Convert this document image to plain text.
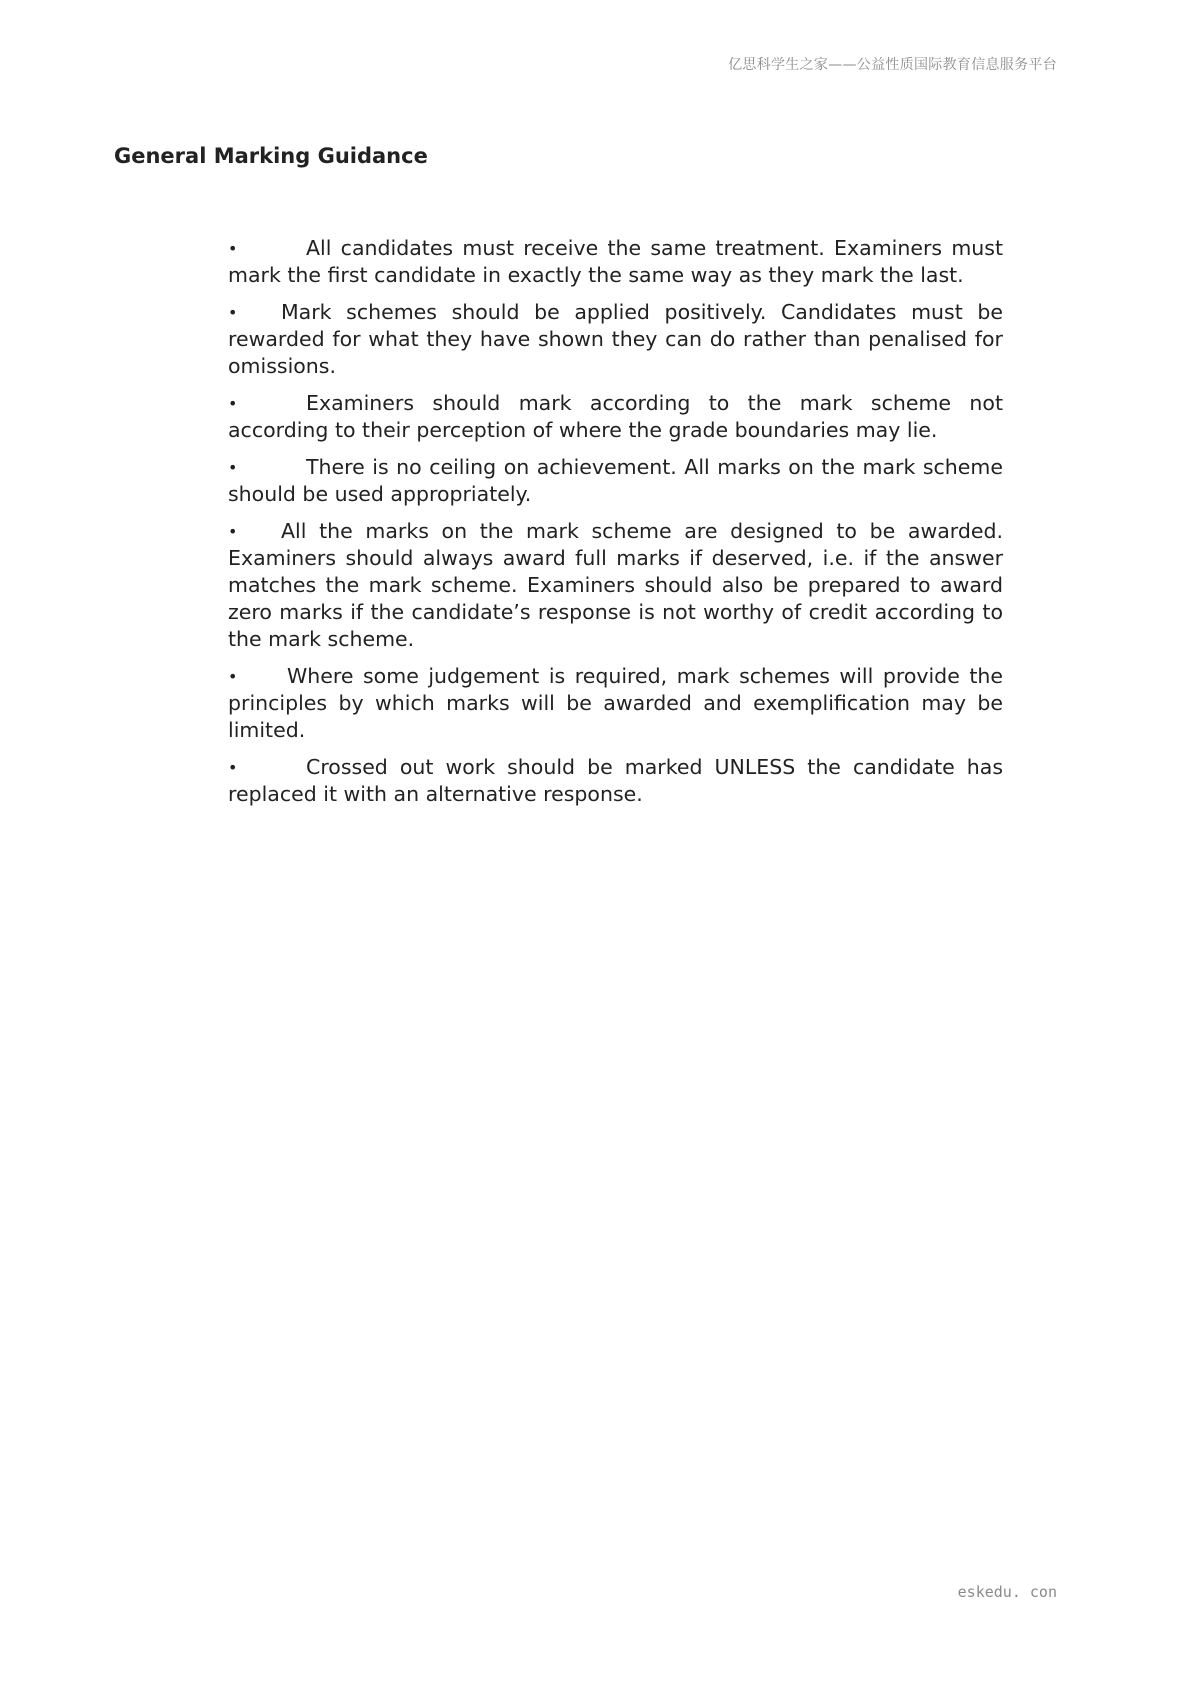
亿思科学生之家——公益性质国际教育信息服务平台
General Marking Guidance
•	All candidates must receive the same treatment. Examiners must mark the first candidate in exactly the same way as they mark the last.
• Mark schemes should be applied positively. Candidates must be rewarded for what they have shown they can do rather than penalised for omissions.
•	Examiners should mark according to the mark scheme not according to their perception of where the grade boundaries may lie.
•	There is no ceiling on achievement. All marks on the mark scheme should be used appropriately.
• All the marks on the mark scheme are designed to be awarded. Examiners should always award full marks if deserved, i.e. if the answer matches the mark scheme. Examiners should also be prepared to award zero marks if the candidate’s response is not worthy of credit according to the mark scheme.
• Where some judgement is required, mark schemes will provide the principles by which marks will be awarded and exemplification may be limited.
•	Crossed out work should be marked UNLESS the candidate has replaced it with an alternative response.
eskedu. con
